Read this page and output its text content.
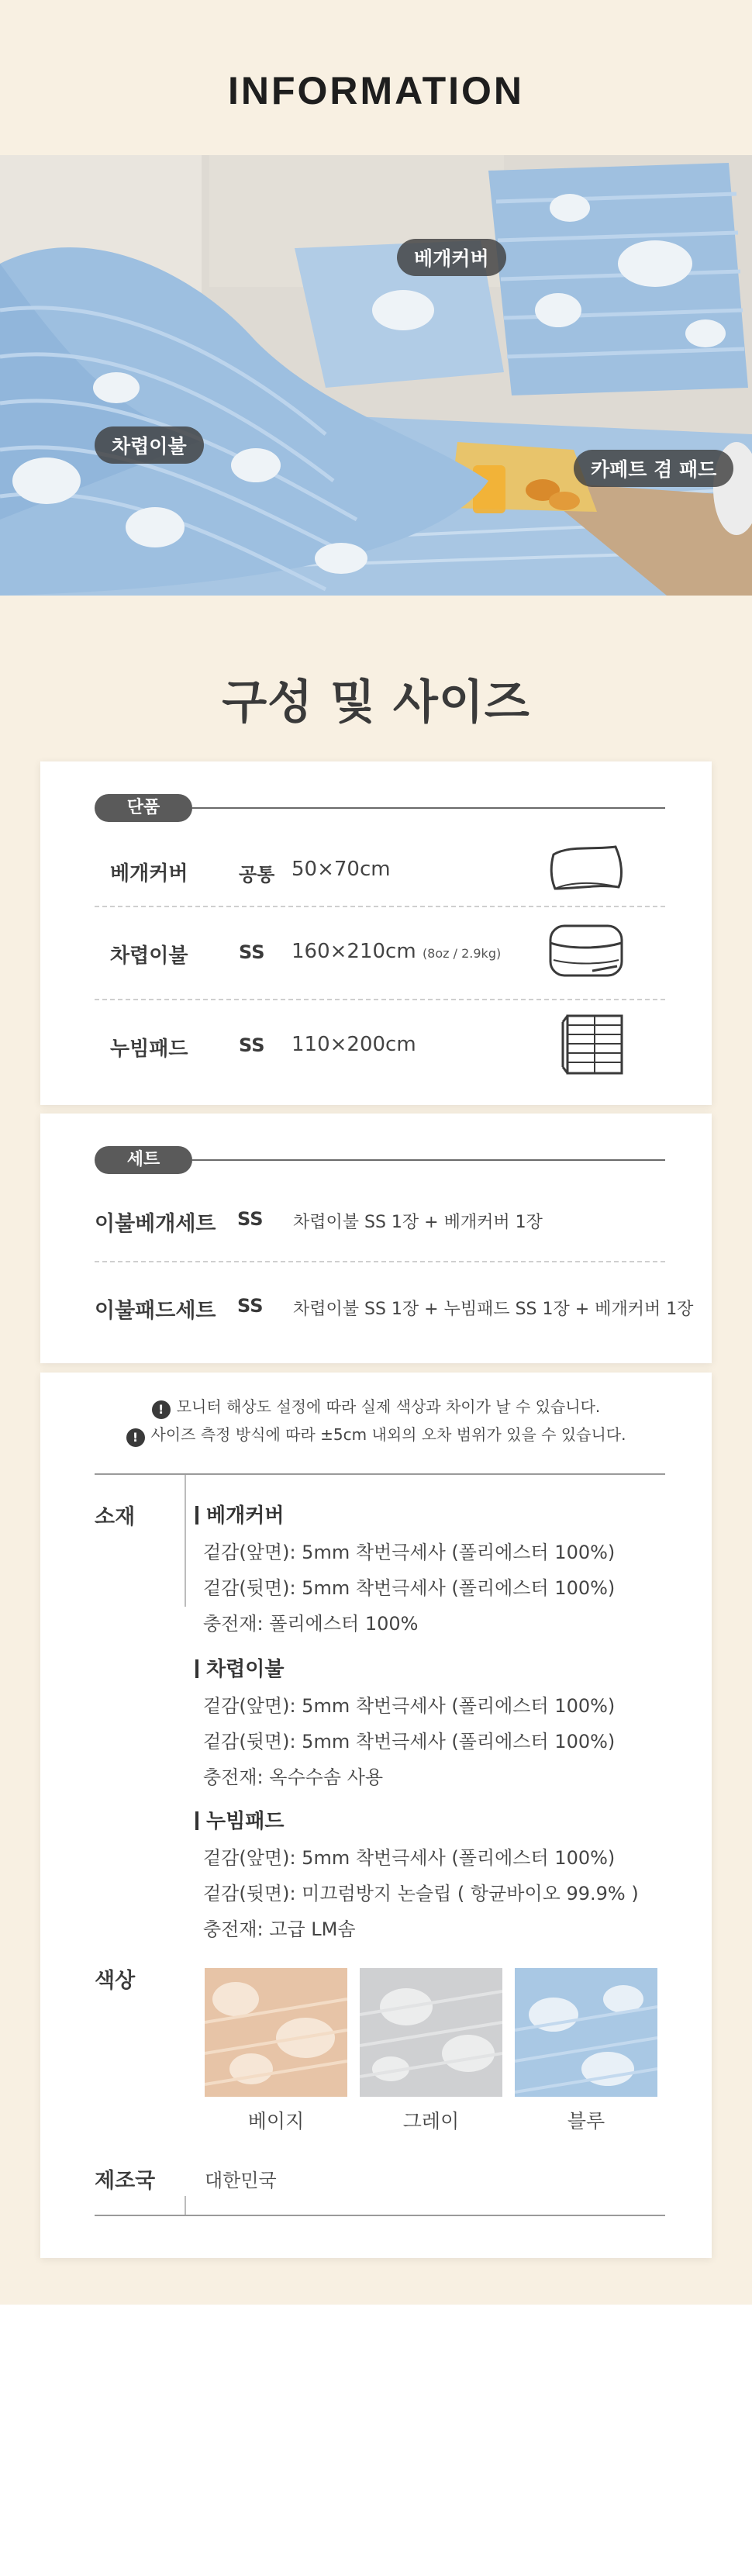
INFORMATION
베개커버
차렵이불
카페트 겸 패드
구성 및 사이즈
단품
베개커버	공통 50×70cm
차렵이불	SS 160×210cm (8oz / 2.9kg)
누빔패드	SS 110×200cm
세트
이불베개세트 SS 차렵이불 SS 1장 + 베개커버 1장
이불패드세트 SS 차렵이불 SS 1장 + 누빔패드 SS 1장 + 베개커버 1장
! 모니터 해상도 설정에 따라 실제 색상과 차이가 날 수 있습니다.
! 사이즈 측정 방식에 따라 ±5cm 내외의 오차 범위가 있을 수 있습니다.
소재	베개커버
겉감(앞면): 5mm 착번극세사 (폴리에스터 100%)
겉감(뒷면): 5mm 착번극세사 (폴리에스터 100%)
충전재: 폴리에스터 100%
차렵이불
겉감(앞면): 5mm 착번극세사 (폴리에스터 100%)
겉감(뒷면): 5mm 착번극세사 (폴리에스터 100%)
충전재: 옥수수솜 사용
누빔패드
겉감(앞면): 5mm 착번극세사 (폴리에스터 100%)
겉감(뒷면): 미끄럼방지 논슬립 ( 항균바이오 99.9% )
충전재: 고급 LM솜
색상
베이지	그레이	블루
제조국	대한민국
